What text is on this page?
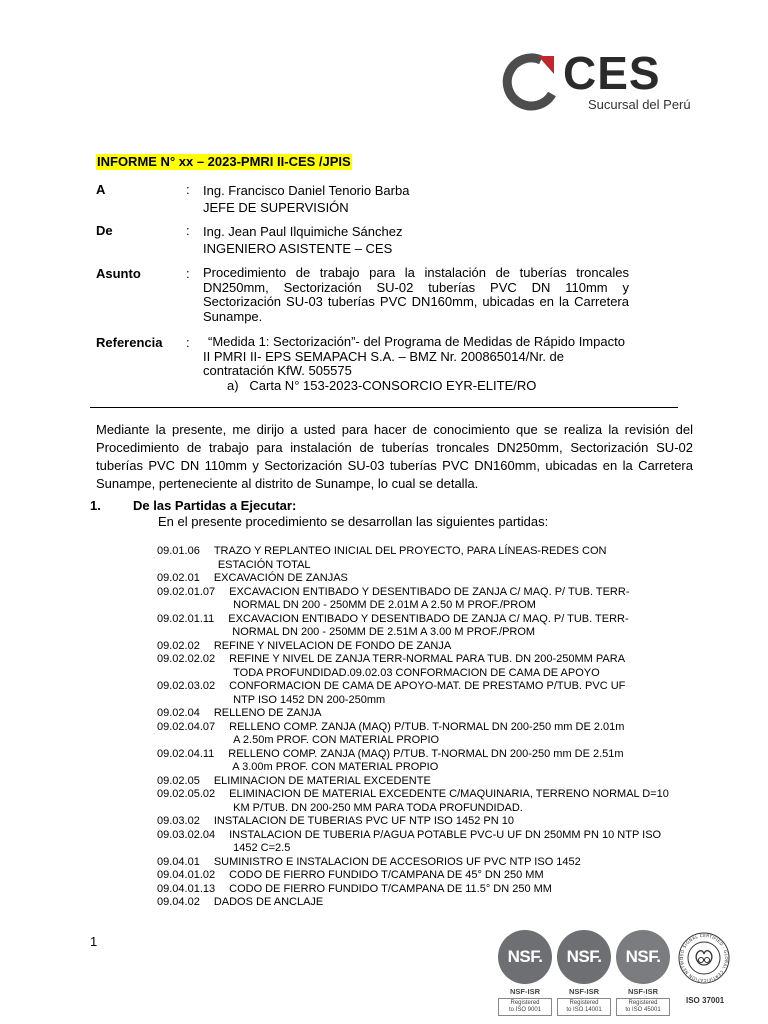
CES
Sucursal del Perú
INFORME N° xx – 2023-PMRI II-CES /JPIS
A	: Ing. Francisco Daniel Tenorio Barba
JEFE DE SUPERVISIÓN
De	: Ing. Jean Paul Ilquimiche Sánchez
INGENIERO ASISTENTE – CES
Asunto	: Procedimiento de trabajo para la instalación de tuberías troncales
DN250mm, Sectorización SU-02 tuberías PVC DN 110mm y
Sectorización SU-03 tuberías PVC DN160mm, ubicadas en la Carretera
Sunampe.
Referencia :	“Medida 1: Sectorización”- del Programa de Medidas de Rápido Impacto
II PMRI II- EPS SEMAPACH S.A. – BMZ Nr. 200865014/Nr. de
contratación KfW. 505575
a) Carta N° 153-2023-CONSORCIO EYR-ELITE/RO
Mediante la presente, me dirijo a usted para hacer de conocimiento que se realiza la revisión del Procedimiento de trabajo para instalación de tuberías troncales DN250mm, Sectorización SU-02 tuberías PVC DN 110mm y Sectorización SU-03 tuberías PVC DN160mm, ubicadas en la Carretera Sunampe, perteneciente al distrito de Sunampe, lo cual se detalla.
1. De las Partidas a Ejecutar:
En el presente procedimiento se desarrollan las siguientes partidas:
09.01.06 TRAZO Y REPLANTEO INICIAL DEL PROYECTO, PARA LÍNEAS-REDES CON
ESTACIÓN TOTAL
09.02.01 EXCAVACIÓN DE ZANJAS
09.02.01.07 EXCAVACION ENTIBADO Y DESENTIBADO DE ZANJA C/ MAQ. P/ TUB. TERR-
NORMAL DN 200 - 250MM DE 2.01M A 2.50 M PROF./PROM
09.02.01.11 EXCAVACION ENTIBADO Y DESENTIBADO DE ZANJA C/ MAQ. P/ TUB. TERR-
NORMAL DN 200 - 250MM DE 2.51M A 3.00 M PROF./PROM
09.02.02 REFINE Y NIVELACION DE FONDO DE ZANJA
09.02.02.02 REFINE Y NIVEL DE ZANJA TERR-NORMAL PARA TUB. DN 200-250MM PARA
TODA PROFUNDIDAD.09.02.03 CONFORMACION DE CAMA DE APOYO
09.02.03.02 CONFORMACION DE CAMA DE APOYO-MAT. DE PRESTAMO P/TUB. PVC UF
NTP ISO 1452 DN 200-250mm
09.02.04 RELLENO DE ZANJA
09.02.04.07 RELLENO COMP. ZANJA (MAQ) P/TUB. T-NORMAL DN 200-250 mm DE 2.01m
A 2.50m PROF. CON MATERIAL PROPIO
09.02.04.11 RELLENO COMP. ZANJA (MAQ) P/TUB. T-NORMAL DN 200-250 mm DE 2.51m
A 3.00m PROF. CON MATERIAL PROPIO
09.02.05 ELIMINACION DE MATERIAL EXCEDENTE
09.02.05.02 ELIMINACION DE MATERIAL EXCEDENTE C/MAQUINARIA, TERRENO NORMAL D=10
KM P/TUB. DN 200-250 MM PARA TODA PROFUNDIDAD.
09.03.02 INSTALACION DE TUBERIAS PVC UF NTP ISO 1452 PN 10
09.03.02.04 INSTALACION DE TUBERIA P/AGUA POTABLE PVC-U UF DN 250MM PN 10 NTP ISO
1452 C=2.5
09.04.01 SUMINISTRO E INSTALACION DE ACCESORIOS UF PVC NTP ISO 1452
09.04.01.02 CODO DE FIERRO FUNDIDO T/CAMPANA DE 45° DN 250 MM
09.04.01.13 CODO DE FIERRO FUNDIDO T/CAMPANA DE 11.5° DN 250 MM
09.04.02 DADOS DE ANCLAJE
1
NSF.
NSF-ISR
Registered
to ISO 9001
NSF.
NSF-ISR
Registered
to ISO 14001
NSF.
NSF-ISR
Registered
to ISO 45001
ISO SIGNAL CERTIFIED · GLOBAL CERTIFICATION NETWO
ISO 37001
